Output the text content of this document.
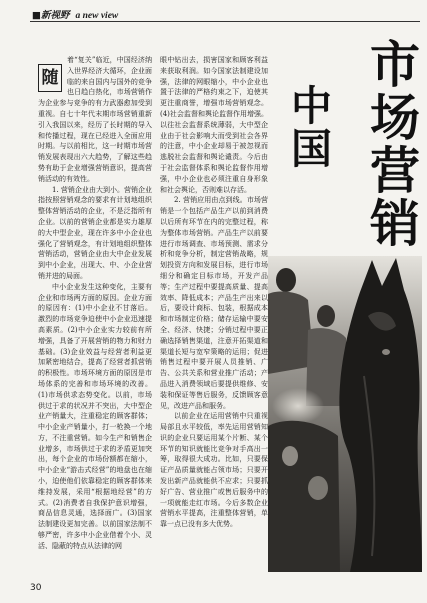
■新视野 a new view

随
着“复关”临近，中国经济纳入世界经济大循环，企业面临的来自国内与国外的竞争也日趋白热化，市场营销作为企业参与竞争的有力武器愈加受到重视。自七十年代末期市场营销重新引入我国以来，经历了长时期的导入和传播过程，现在已经进入全面应用时期。与以前相比，这一时期市场营销发展表现出六大趋势，了解这些趋势有助于企业增强营销意识，提高营销活动的有效性。

1. 营销企业由大到小。营销企业指按照营销观念的要求有计划地组织整体营销活动的企业，不是泛指所有企业。以前的营销企业都是实力雄厚的大中型企业，现在许多中小企业也强化了营销观念，有计划地组织整体营销活动，营销企业由大中企业发展到中小企业，出现大、中、小企业营销并进的局面。

中小企业发生这种变化，主要有企业和市场两方面的原因。企业方面的原因有：(1)中小企业不甘落后。激烈的市场竞争迫使中小企业迅速提高素质。(2)中小企业实力较前有所增强，具备了开展营销的物力和财力基础。(3)企业效益与经营者利益更加紧密地结合，提高了经营者抓营销的积极性。市场环境方面的原因是市场体系的完善和市场环境的改善。(1)市场供求态势变化。以前，市场供过于求的状况并不突出，大中型企业产销量大，注重稳定的顾客群体；中小企业产销量小，打一枪换一个地方，不注重营销。如今生产和销售企业增多，市场供过于求的矛盾更加突出，每个企业的市场份额都在缩小，中小企业“游击式经营”的地盘也在缩小，迫使他们依靠稳定的顾客群体来维持发展，采用“根据地经营”的方式。(2)消费者自我保护意识增强，商品信息灵通，选择面广。(3)国家法制建设更加完善。以前国家法制不够严密，许多中小企业借着个小、灵活、隐蔽的特点从法律的网

眼中钻出去，损害国家和顾客利益来获取利润。如今国家法制建设加强，法律的网眼缩小，中小企业也置于法律的严格约束之下，迫使其更注重商誉，增强市场营销观念。(4)社会监督和舆论监督作用增强。以往社会监督系统薄弱，大中型企业由于社会影响大而受到社会各界的注意，中小企业却易于被忽视而逃脱社会监督和舆论谴责。今后由于社会监督体系和舆论监督作用增强，中小企业也必须注重自身形象和社会舆论，否则难以存活。

2. 营销应用由点到线。市场营销是一个包括产品生产以前到消费以后所有环节在内的完整过程，称为整体市场营销。产品生产以前要进行市场调查、市场预测、需求分析和竞争分析，制定营销战略，规划投资方向和发展目标，进行市场细分和确定目标市场，开发产品等；生产过程中要提高质量、提高效率、降低成本；产品生产出来以后，要设计商标、包装，根据成本和市场制定价格；储存运输中要安全、经济、快捷；分销过程中要正确选择销售渠道，注意开拓渠道和渠道长短与宽窄策略的运用；促进销售过程中要开展人员推销、广告、公共关系和营业推广活动；产品进入消费领域后要提供维修、安装和保证等售后服务，反馈顾客意见，改进产品和服务。

以前企业在运用营销中只重视局部且水平较低，率先运用营销知识的企业只要运用某个片断、某个环节的知识就能比竞争对手高出一筹，取得很大成功。比如，只要保证产品质量就能占领市场；只要开发出新产品就能供不应求；只要抓好广告、营业推广或售后服务中的一项就能走红市场。今后多数企业营销水平提高，注重整体营销，单靠一点已没有多大优势。

中国 市场营销
30
